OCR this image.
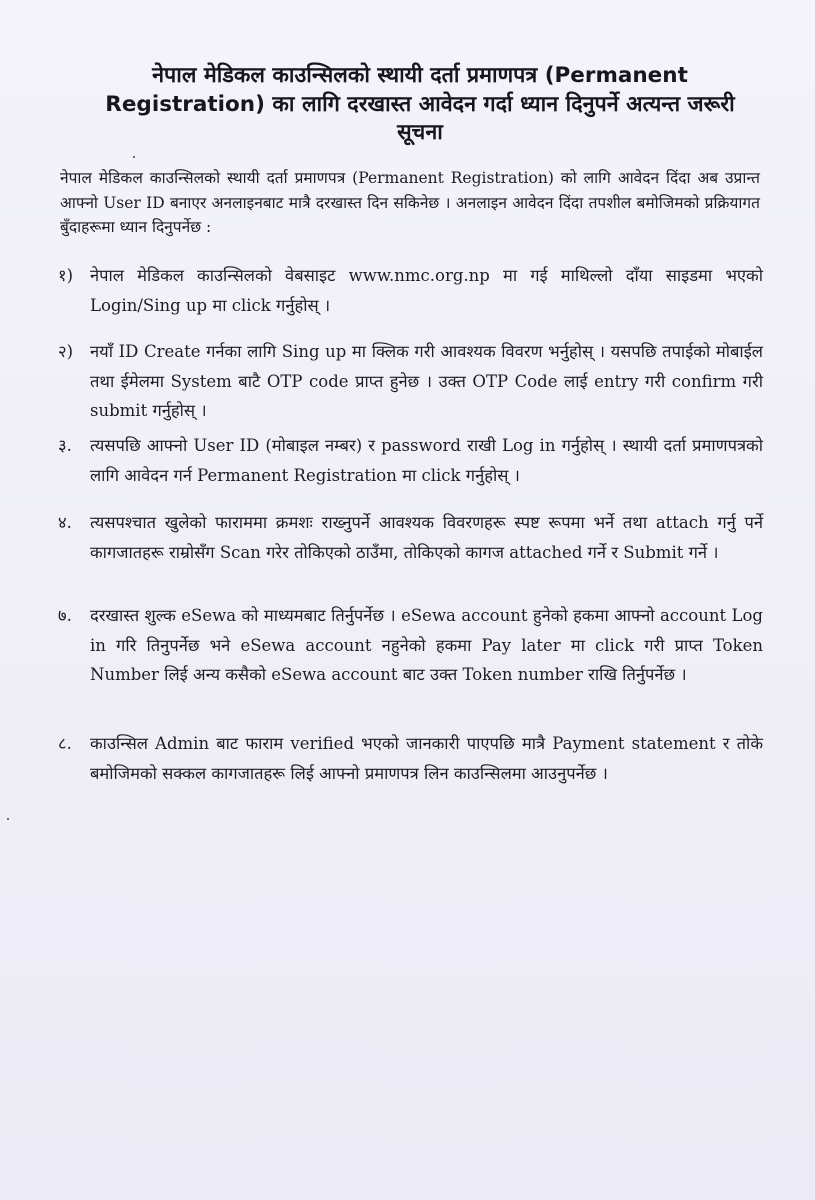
नेपाल मेडिकल काउन्सिलको स्थायी दर्ता प्रमाणपत्र (Permanent Registration) का लागि दरखास्त आवेदन गर्दा ध्यान दिनुपर्ने अत्यन्त जरूरी सूचना

नेपाल मेडिकल काउन्सिलको स्थायी दर्ता प्रमाणपत्र (Permanent Registration) को लागि आवेदन दिंदा अब उप्रान्त आफ्नो User ID बनाएर अनलाइनबाट मात्रै दरखास्त दिन सकिनेछ । अनलाइन आवेदन दिंदा तपशील बमोजिमको प्रक्रियागत बुँदाहरूमा ध्यान दिनुपर्नेछ :

१)	नेपाल मेडिकल काउन्सिलको वेबसाइट www.nmc.org.np मा गई माथिल्लो दाँया साइडमा भएको Login/Sing up मा click गर्नुहोस् ।
२)	नयाँ ID Create गर्नका लागि Sing up मा क्लिक गरी आवश्यक विवरण भर्नुहोस् । यसपछि तपाईको मोबाईल तथा ईमेलमा System बाटै OTP code प्राप्त हुनेछ । उक्त OTP Code लाई entry गरी confirm गरी submit गर्नुहोस् ।
३.	त्यसपछि आफ्नो User ID (मोबाइल नम्बर) र password राखी Log in गर्नुहोस् । स्थायी दर्ता प्रमाणपत्रको लागि आवेदन गर्न Permanent Registration मा click गर्नुहोस् ।
४.	त्यसपश्चात खुलेको फाराममा क्रमशः राख्नुपर्ने आवश्यक विवरणहरू स्पष्ट रूपमा भर्ने तथा attach गर्नु पर्ने कागजातहरू राम्रोसँग Scan गरेर तोकिएको ठाउँमा, तोकिएको कागज attached गर्ने र Submit गर्ने ।
७.	दरखास्त शुल्क eSewa को माध्यमबाट तिर्नुपर्नेछ । eSewa account हुनेको हकमा आफ्नो account Log in गरि तिनुपर्नेछ भने eSewa account नहुनेको हकमा Pay later मा click गरी प्राप्त Token Number लिई अन्य कसैको eSewa account बाट उक्त Token number राखि तिर्नुपर्नेछ ।
८.	काउन्सिल Admin बाट फाराम verified भएको जानकारी पाएपछि मात्रै Payment statement र तोके बमोजिमको सक्कल कागजातहरू लिई आफ्नो प्रमाणपत्र लिन काउन्सिलमा आउनुपर्नेछ ।
